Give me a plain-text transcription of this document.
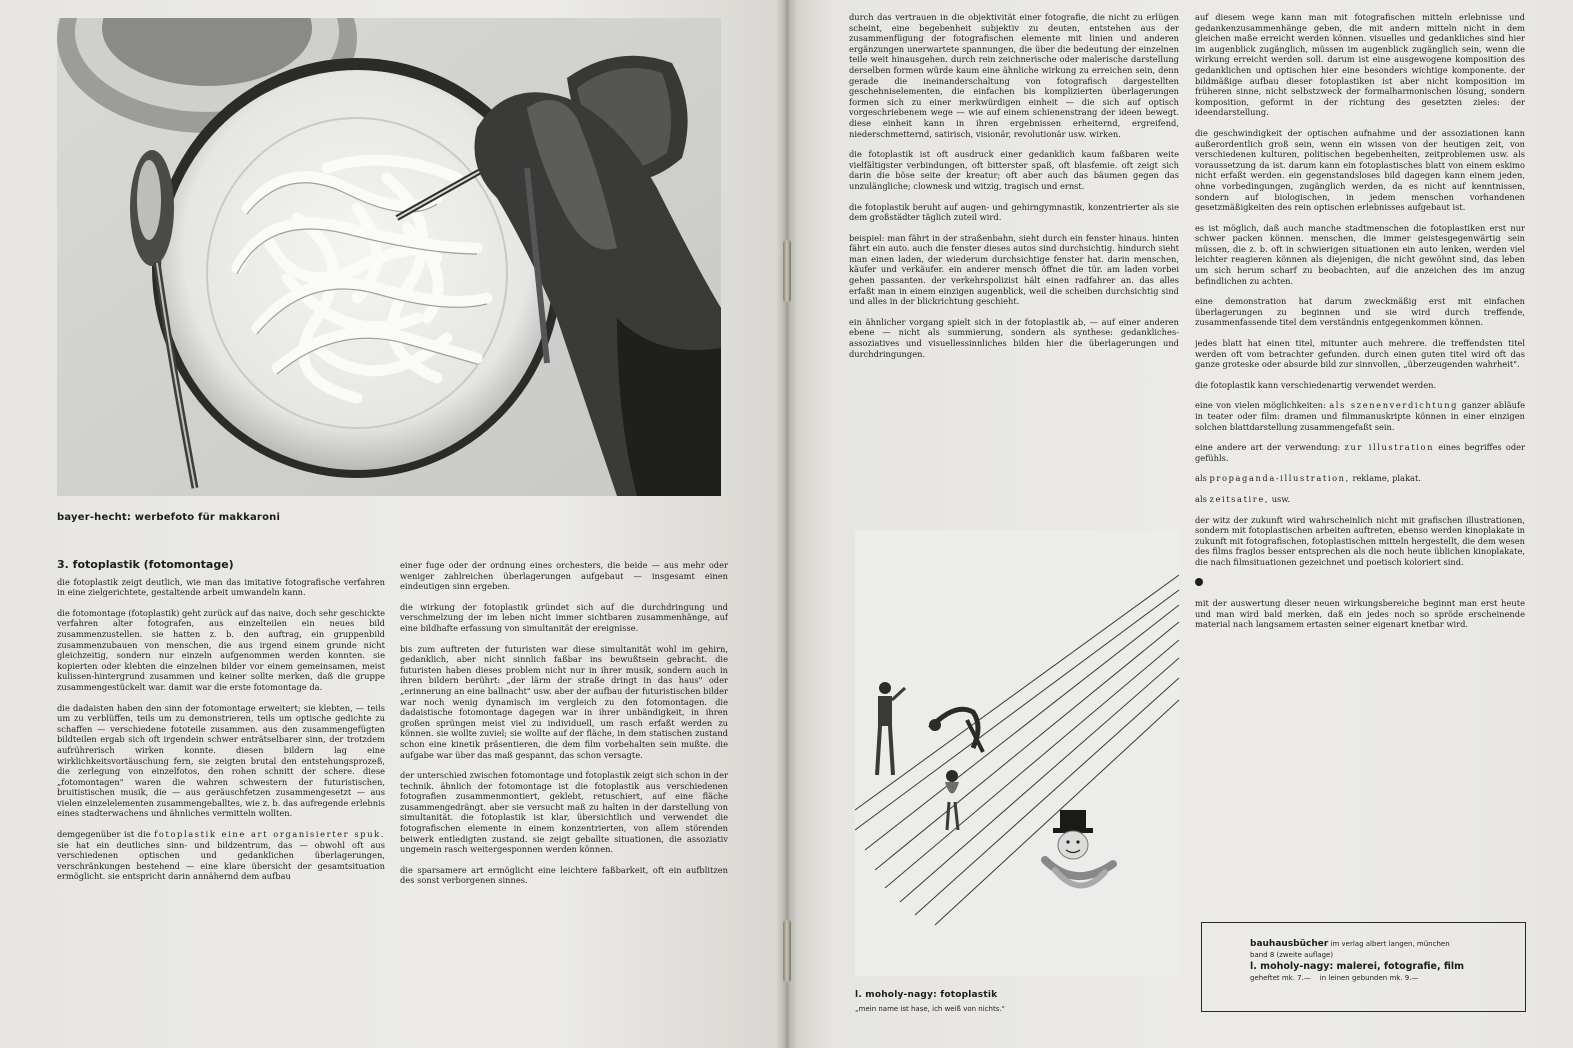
bayer-hecht: werbefoto für makkaroni
3. fotoplastik (fotomontage)

die fotoplastik zeigt deutlich, wie man das imitative fotografische verfahren in eine zielgerichtete, gestaltende arbeit umwandeln kann.

die fotomontage (fotoplastik) geht zurück auf das naive, doch sehr geschickte verfahren alter fotografen, aus einzelteilen ein neues bild zusammenzustellen. sie hatten z. b. den auftrag, ein gruppenbild zusammenzubauen von menschen, die aus irgend einem grunde nicht gleichzeitig, sondern nur einzeln aufgenommen werden konnten. sie kopierten oder klebten die einzelnen bilder vor einem gemeinsamen, meist kulissen-hintergrund zusammen und keiner sollte merken, daß die gruppe zusammengestückelt war. damit war die erste fotomontage da.

die dadaisten haben den sinn der fotomontage erweitert; sie klebten, — teils um zu verblüffen, teils um zu demonstrieren, teils um optische gedichte zu schaffen — verschiedene fototeile zusammen. aus den zusammengefügten bildteilen ergab sich oft irgendein schwer enträtselbarer sinn, der trotzdem aufrührerisch wirken konnte. diesen bildern lag eine wirklichkeitsvortäuschung fern, sie zeigten brutal den entstehungsprozeß, die zerlegung von einzelfotos, den rohen schnitt der schere. diese „fotomontagen" waren die wahren schwestern der futuristischen, bruitistischen musik, die — aus geräuschfetzen zusammengesetzt — aus vielen einzelelementen zusammengeballtes, wie z. b. das aufregende erlebnis eines stadterwachens und ähnliches vermitteln wollten.

demgegenüber ist die fotoplastik eine art organisierter spuk. sie hat ein deutliches sinn- und bildzentrum, das — obwohl oft aus verschiedenen optischen und gedanklichen überlagerungen, verschränkungen bestehend — eine klare übersicht der gesamtsituation ermöglicht. sie entspricht darin annähernd dem aufbau

einer fuge oder der ordnung eines orchesters, die beide — aus mehr oder weniger zahlreichen überlagerungen aufgebaut — insgesamt einen eindeutigen sinn ergeben.

die wirkung der fotoplastik gründet sich auf die durchdringung und verschmelzung der im leben nicht immer sichtbaren zusammenhänge, auf eine bildhafte erfassung von simultanität der ereignisse.

bis zum auftreten der futuristen war diese simultanität wohl im gehirn, gedanklich, aber nicht sinnlich faßbar ins bewußtsein gebracht. die futuristen haben dieses problem nicht nur in ihrer musik, sondern auch in ihren bildern berührt: „der lärm der straße dringt in das haus" oder „erinnerung an eine ballnacht" usw. aber der aufbau der futuristischen bilder war noch wenig dynamisch im vergleich zu den fotomontagen. die dadaistische fotomontage dagegen war in ihrer unbändigkeit, in ihren großen sprüngen meist viel zu individuell, um rasch erfaßt werden zu können. sie wollte zuviel; sie wollte auf der fläche, in dem statischen zustand schon eine kinetik präsentieren, die dem film vorbehalten sein mußte. die aufgabe war über das maß gespannt, das schon versagte.

der unterschied zwischen fotomontage und fotoplastik zeigt sich schon in der technik. ähnlich der fotomontage ist die fotoplastik aus verschiedenen fotografien zusammenmontiert, geklebt, retuschiert, auf eine fläche zusammengedrängt. aber sie versucht maß zu halten in der darstellung von simultanität. die fotoplastik ist klar, übersichtlich und verwendet die fotografischen elemente in einem konzentrierten, von allem störenden beiwerk entledigten zustand. sie zeigt geballte situationen, die assoziativ ungemein rasch weitergesponnen werden können.

die sparsamere art ermöglicht eine leichtere faßbarkeit, oft ein aufblitzen des sonst verborgenen sinnes.

durch das vertrauen in die objektivität einer fotografie, die nicht zu erlügen scheint, eine begebenheit subjektiv zu deuten, entstehen aus der zusammenfügung der fotografischen elemente mit linien und anderen ergänzungen unerwartete spannungen, die über die bedeutung der einzelnen teile weit hinausgehen. durch rein zeichnerische oder malerische darstellung derselben formen würde kaum eine ähnliche wirkung zu erreichen sein, denn gerade die ineinanderschaltung von fotografisch dargestellten geschehniselementen, die einfachen bis komplizierten überlagerungen formen sich zu einer merkwürdigen einheit — die sich auf optisch vorgeschriebenem wege — wie auf einem schienenstrang der ideen bewegt. diese einheit kann in ihren ergebnissen erheiternd, ergreifend, niederschmetternd, satirisch, visionär, revolutionär usw. wirken.

die fotoplastik ist oft ausdruck einer gedanklich kaum faßbaren weite vielfältigster verbindungen, oft bitterster spaß, oft blasfemie. oft zeigt sich darin die böse seite der kreatur; oft aber auch das bäumen gegen das unzulängliche; clownesk und witzig, tragisch und ernst.

die fotoplastik beruht auf augen- und gehirngymnastik, konzentrierter als sie dem großstädter täglich zuteil wird.

beispiel: man fährt in der straßenbahn, sieht durch ein fenster hinaus. hinten fährt ein auto. auch die fenster dieses autos sind durchsichtig. hindurch sieht man einen laden, der wiederum durchsichtige fenster hat. darin menschen, käufer und verkäufer. ein anderer mensch öffnet die tür. am laden vorbei gehen passanten. der verkehrspolizist hält einen radfahrer an. das alles erfaßt man in einem einzigen augenblick, weil die scheiben durchsichtig sind und alles in der blickrichtung geschieht.

ein ähnlicher vorgang spielt sich in der fotoplastik ab, — auf einer anderen ebene — nicht als summierung, sondern als synthese: gedankliches-assoziatives und visuellessinnliches bilden hier die überlagerungen und durchdringungen.

l. moholy-nagy: fotoplastik
„mein name ist hase, ich weiß von nichts."

auf diesem wege kann man mit fotografischen mitteln erlebnisse und gedankenzusammenhänge geben, die mit andern mitteln nicht in dem gleichen maße erreicht werden können. visuelles und gedankliches sind hier im augenblick zugänglich, müssen im augenblick zugänglich sein, wenn die wirkung erreicht werden soll. darum ist eine ausgewogene komposition des gedanklichen und optischen hier eine besonders wichtige komponente. der bildmäßige aufbau dieser fotoplastiken ist aber nicht komposition im früheren sinne, nicht selbstzweck der formalharmonischen lösung, sondern komposition, geformt in der richtung des gesetzten zieles: der ideendarstellung.

die geschwindigkeit der optischen aufnahme und der assoziationen kann außerordentlich groß sein, wenn ein wissen von der heutigen zeit, von verschiedenen kulturen, politischen begebenheiten, zeitproblemen usw. als voraussetzung da ist. darum kann ein fotoplastisches blatt von einem eskimo nicht erfaßt werden. ein gegenstandsloses bild dagegen kann einem jeden, ohne vorbedingungen, zugänglich werden, da es nicht auf kenntnissen, sondern auf biologischen, in jedem menschen vorhandenen gesetzmäßigkeiten des rein optischen erlebnisses aufgebaut ist.

es ist möglich, daß auch manche stadtmenschen die fotoplastiken erst nur schwer packen können. menschen, die immer geistesgegenwärtig sein müssen, die z. b. oft in schwierigen situationen ein auto lenken, werden viel leichter reagieren können als diejenigen, die nicht gewöhnt sind, das leben um sich herum scharf zu beobachten, auf die anzeichen des im anzug befindlichen zu achten.

eine demonstration hat darum zweckmäßig erst mit einfachen überlagerungen zu beginnen und sie wird durch treffende, zusammenfassende titel dem verständnis entgegenkommen können.

jedes blatt hat einen titel, mitunter auch mehrere. die treffendsten titel werden oft vom betrachter gefunden. durch einen guten titel wird oft das ganze groteske oder absurde bild zur sinnvollen, „überzeugenden wahrheit".

die fotoplastik kann verschiedenartig verwendet werden.

eine von vielen möglichkeiten: als szenenverdichtung ganzer abläufe in teater oder film: dramen und filmmanuskripte können in einer einzigen solchen blattdarstellung zusammengefaßt sein.

eine andere art der verwendung: zur illustration eines begriffes oder gefühls.

als propaganda-illustration, reklame, plakat.

als zeitsatire, usw.

der witz der zukunft wird wahrscheinlich nicht mit grafischen illustrationen, sondern mit fotoplastischen arbeiten auftreten, ebenso werden kinoplakate in zukunft mit fotografischen, fotoplastischen mitteln hergestellt, die dem wesen des films fraglos besser entsprechen als die noch heute üblichen kinoplakate, die nach filmsituationen gezeichnet und poetisch koloriert sind.

mit der auswertung dieser neuen wirkungsbereiche beginnt man erst heute und man wird bald merken, daß ein jedes noch so spröde erscheinende material nach langsamem ertasten seiner eigenart knetbar wird.

bauhausbücher im verlag albert langen, münchen
band 8 (zweite auflage)
l. moholy-nagy: malerei, fotografie, film
geheftet mk. 7.— in leinen gebunden mk. 9.—
